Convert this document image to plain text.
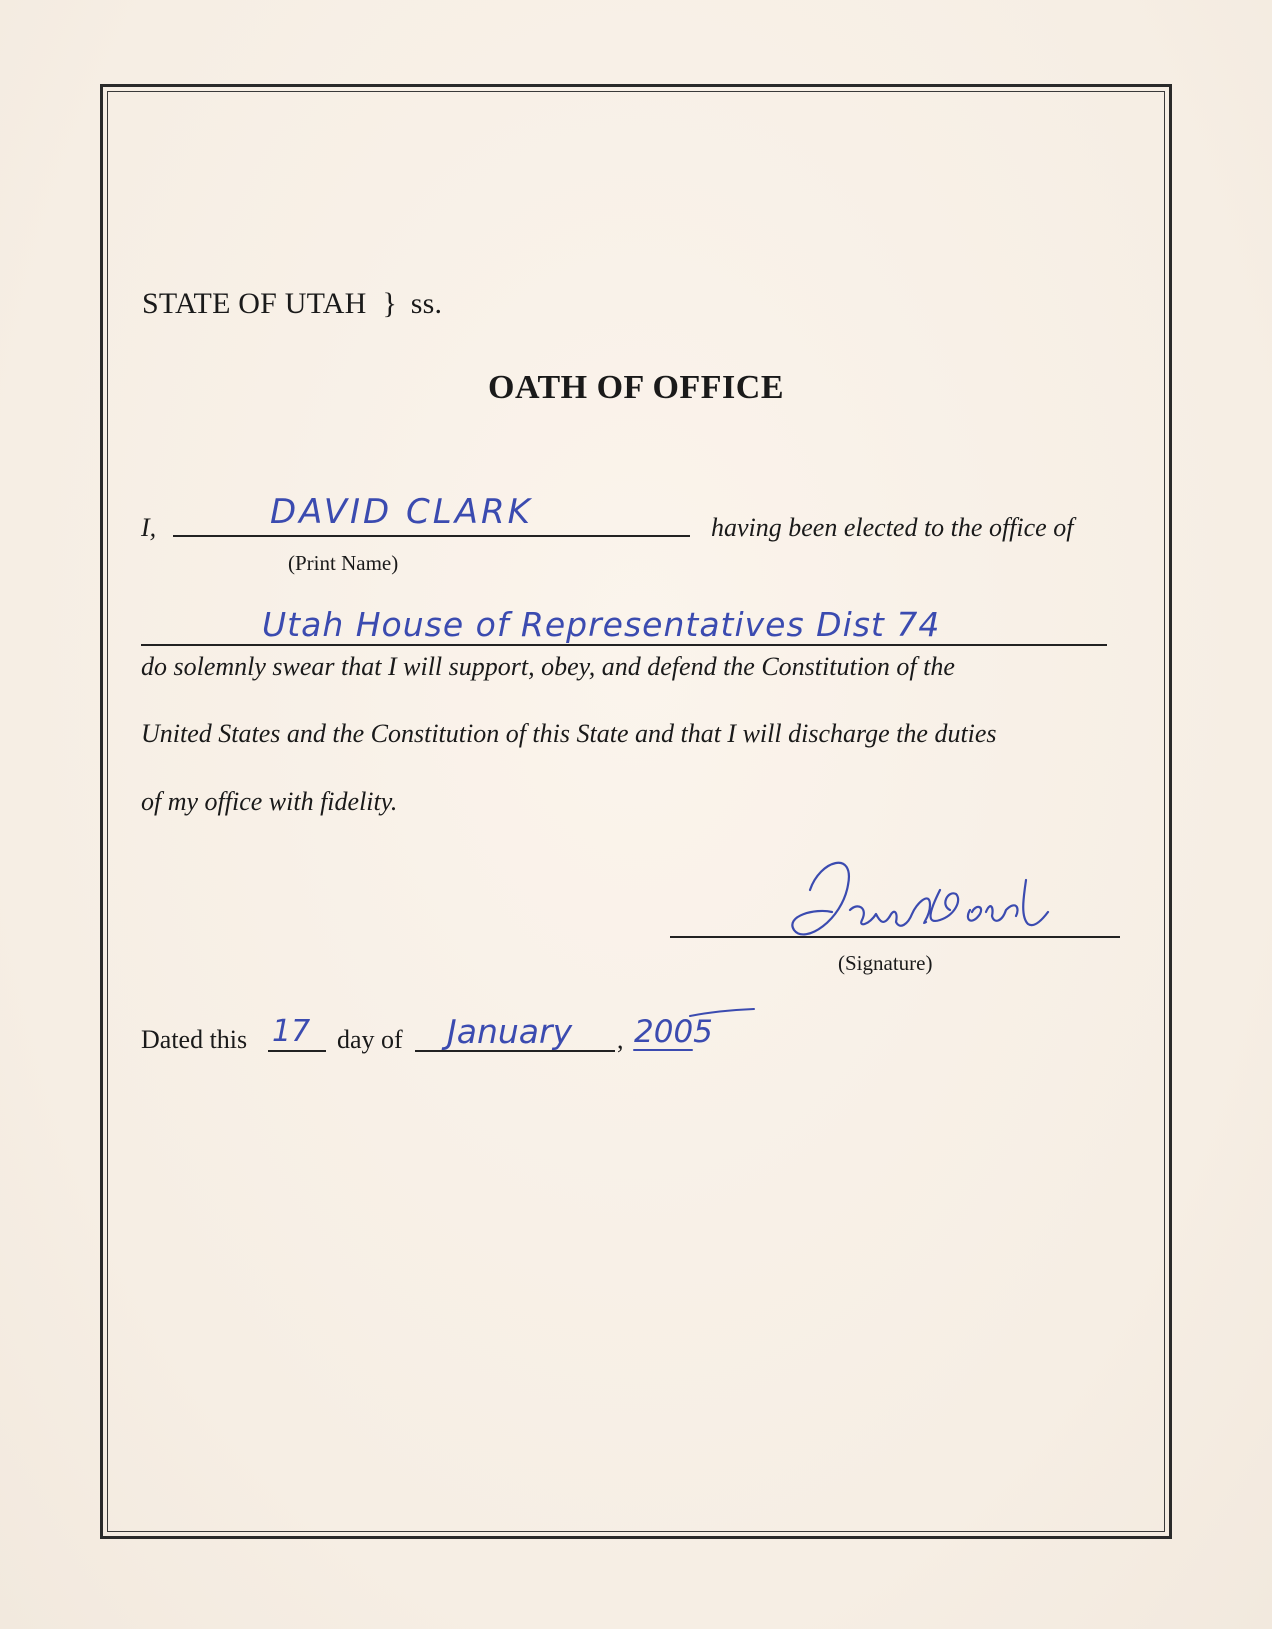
STATE OF UTAH } ss.
OATH OF OFFICE
I,	DAVID CLARK	having been elected to the office of
(Print Name)
Utah House of Representatives Dist 74
do solemnly swear that I will support, obey, and defend the Constitution of the
United States and the Constitution of this State and that I will discharge the duties
of my office with fidelity.
(Signature)
Dated this 17 day of January , 2005
